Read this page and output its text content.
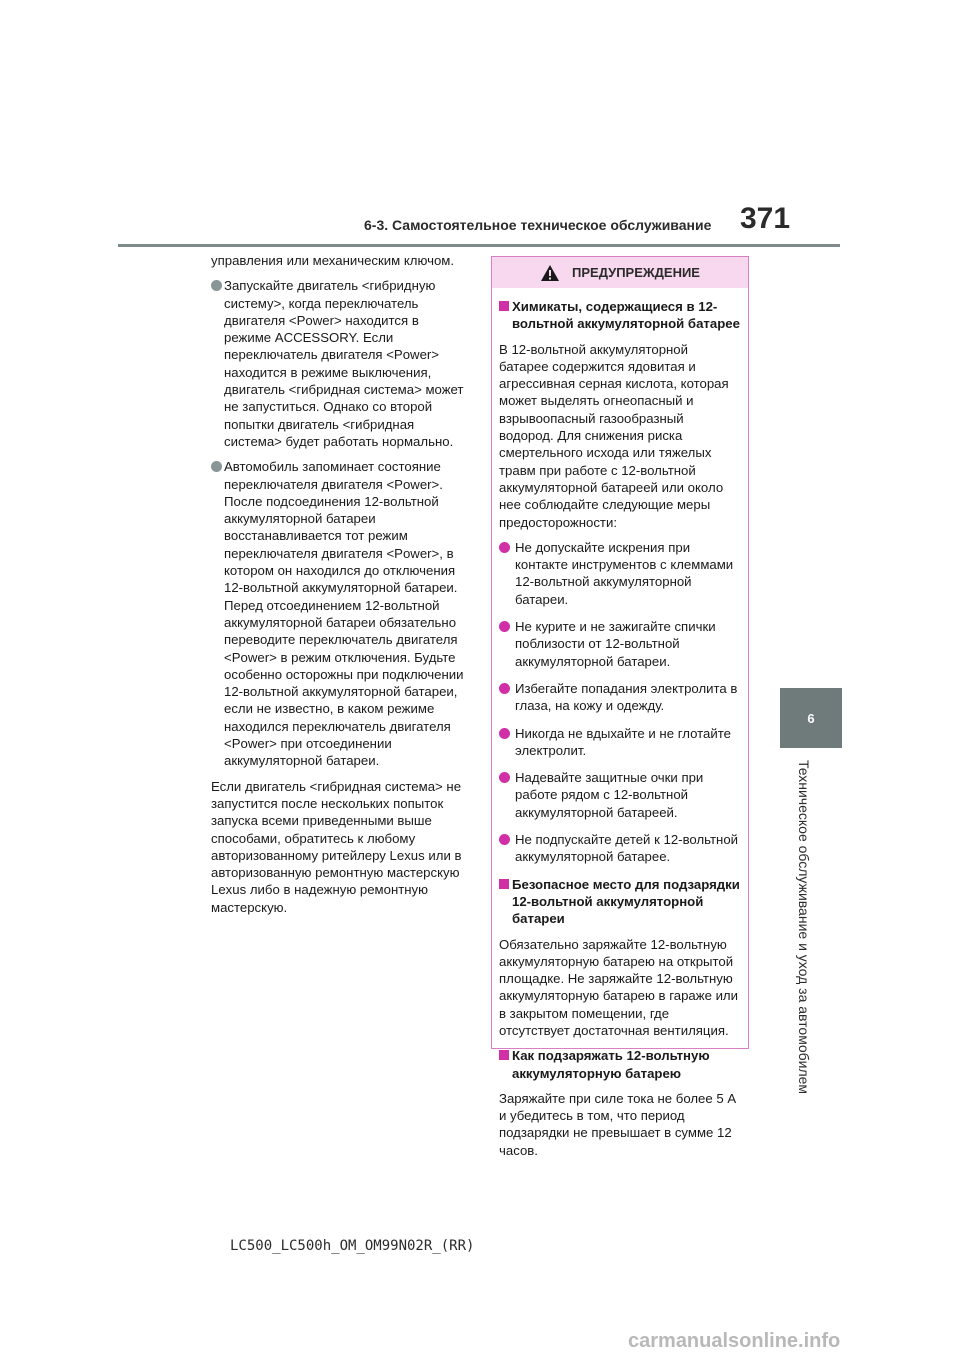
6-3. Самостоятельное техническое обслуживание 371
6
Техническое обслуживание и уход за автомобилем

управления или механическим ключом.

Запускайте двигатель <гибридную систему>, когда переключатель двигателя <Power> находится в режиме ACCESSORY. Если переключатель двигателя <Power> находится в режиме выключения, двигатель <гибридная система> может не запуститься. Однако со второй попытки двигатель <гибридная система> будет работать нормально.
Автомобиль запоминает состояние переключателя двигателя <Power>. После подсоединения 12-вольтной аккумуляторной батареи восстанавливается тот режим переключателя двигателя <Power>, в котором он находился до отключения 12-вольтной аккумуляторной батареи. Перед отсоединением 12-вольтной аккумуляторной батареи обязательно переводите переключатель двигателя <Power> в режим отключения. Будьте особенно осторожны при подключении 12-вольтной аккумуляторной батареи, если не известно, в каком режиме находился переключатель двигателя <Power> при отсоединении аккумуляторной батареи.

Если двигатель <гибридная система> не запустится после нескольких попыток запуска всеми приведенными выше способами, обратитесь к любому авторизованному ритейлеру Lexus или в авторизованную ремонтную мастерскую Lexus либо в надежную ремонтную мастерскую.

ПРЕДУПРЕЖДЕНИЕ
Химикаты, содержащиеся в 12-вольтной аккумуляторной батарее

В 12-вольтной аккумуляторной батарее содержится ядовитая и агрессивная серная кислота, которая может выделять огнеопасный и взрывоопасный газообразный водород. Для снижения риска смертельного исхода или тяжелых травм при работе с 12-вольтной аккумуляторной батареей или около нее соблюдайте следующие меры предосторожности:

Не допускайте искрения при контакте инструментов с клеммами 12-вольтной аккумуляторной батареи.
Не курите и не зажигайте спички поблизости от 12-вольтной аккумуляторной батареи.
Избегайте попадания электролита в глаза, на кожу и одежду.
Никогда не вдыхайте и не глотайте электролит.
Надевайте защитные очки при работе рядом с 12-вольтной аккумуляторной батареей.
Не подпускайте детей к 12-вольтной аккумуляторной батарее.
Безопасное место для подзарядки 12-вольтной аккумуляторной батареи

Обязательно заряжайте 12-вольтную аккумуляторную батарею на открытой площадке. Не заряжайте 12-вольтную аккумуляторную батарею в гараже или в закрытом помещении, где отсутствует достаточная вентиляция.

Как подзаряжать 12-вольтную аккумуляторную батарею

Заряжайте при силе тока не более 5 А и убедитесь в том, что период подзарядки не превышает в сумме 12 часов.

LC500_LC500h_OM_OM99N02R_(RR)
carmanualsonline.info
